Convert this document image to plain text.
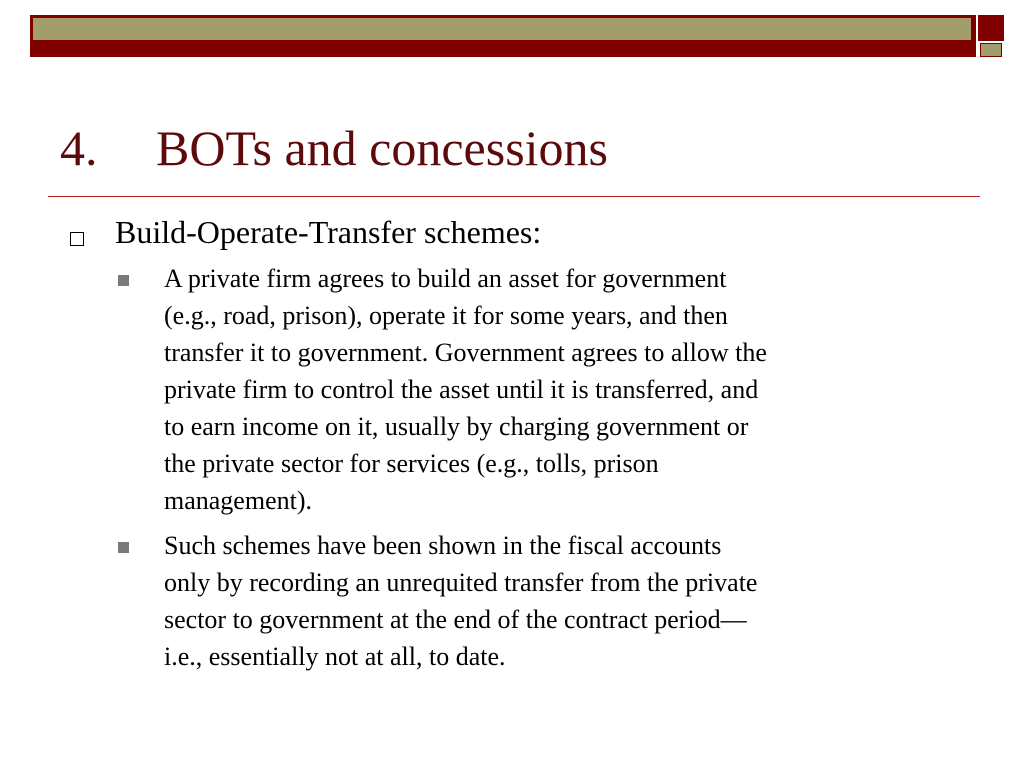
4. BOTs and concessions
Build-Operate-Transfer schemes:
A private firm agrees to build an asset for government
(e.g., road, prison), operate it for some years, and then
transfer it to government. Government agrees to allow the
private firm to control the asset until it is transferred, and
to earn income on it, usually by charging government or
the private sector for services (e.g., tolls, prison
management).
Such schemes have been shown in the fiscal accounts
only by recording an unrequited transfer from the private
sector to government at the end of the contract period—
i.e., essentially not at all, to date.
